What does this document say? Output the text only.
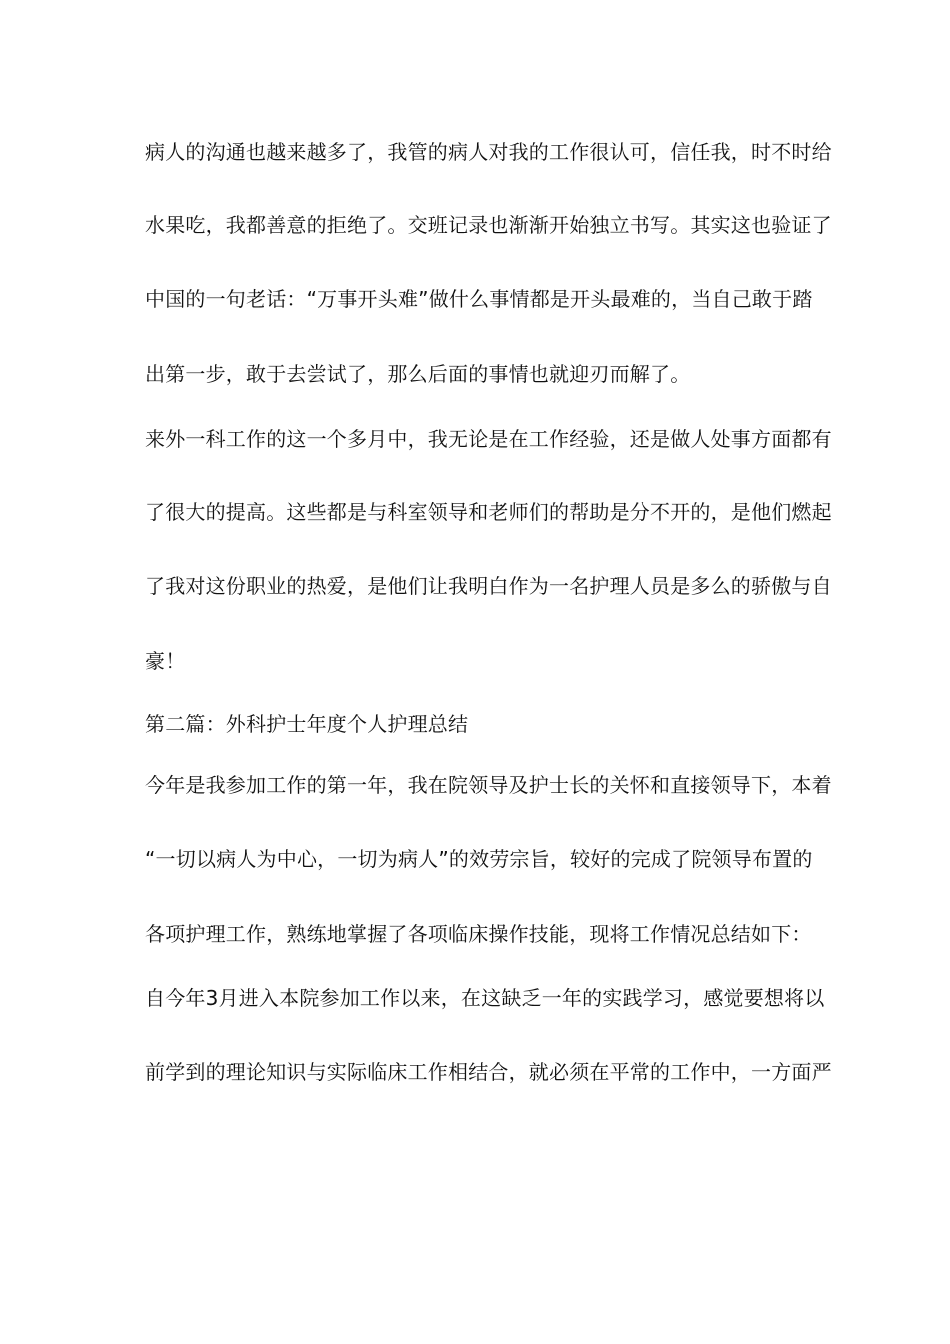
病人的沟通也越来越多了，我管的病人对我的工作很认可，信任我，时不时给
水果吃，我都善意的拒绝了。交班记录也渐渐开始独立书写。其实这也验证了
中国的一句老话：“万事开头难”做什么事情都是开头最难的，当自己敢于踏
出第一步，敢于去尝试了，那么后面的事情也就迎刃而解了。
来外一科工作的这一个多月中，我无论是在工作经验，还是做人处事方面都有
了很大的提高。这些都是与科室领导和老师们的帮助是分不开的，是他们燃起
了我对这份职业的热爱，是他们让我明白作为一名护理人员是多么的骄傲与自
豪！
第二篇：外科护士年度个人护理总结
今年是我参加工作的第一年，我在院领导及护士长的关怀和直接领导下，本着
“一切以病人为中心，一切为病人”的效劳宗旨，较好的完成了院领导布置的
各项护理工作，熟练地掌握了各项临床操作技能，现将工作情况总结如下：
自今年3月进入本院参加工作以来，在这缺乏一年的实践学习，感觉要想将以
前学到的理论知识与实际临床工作相结合，就必须在平常的工作中，一方面严
